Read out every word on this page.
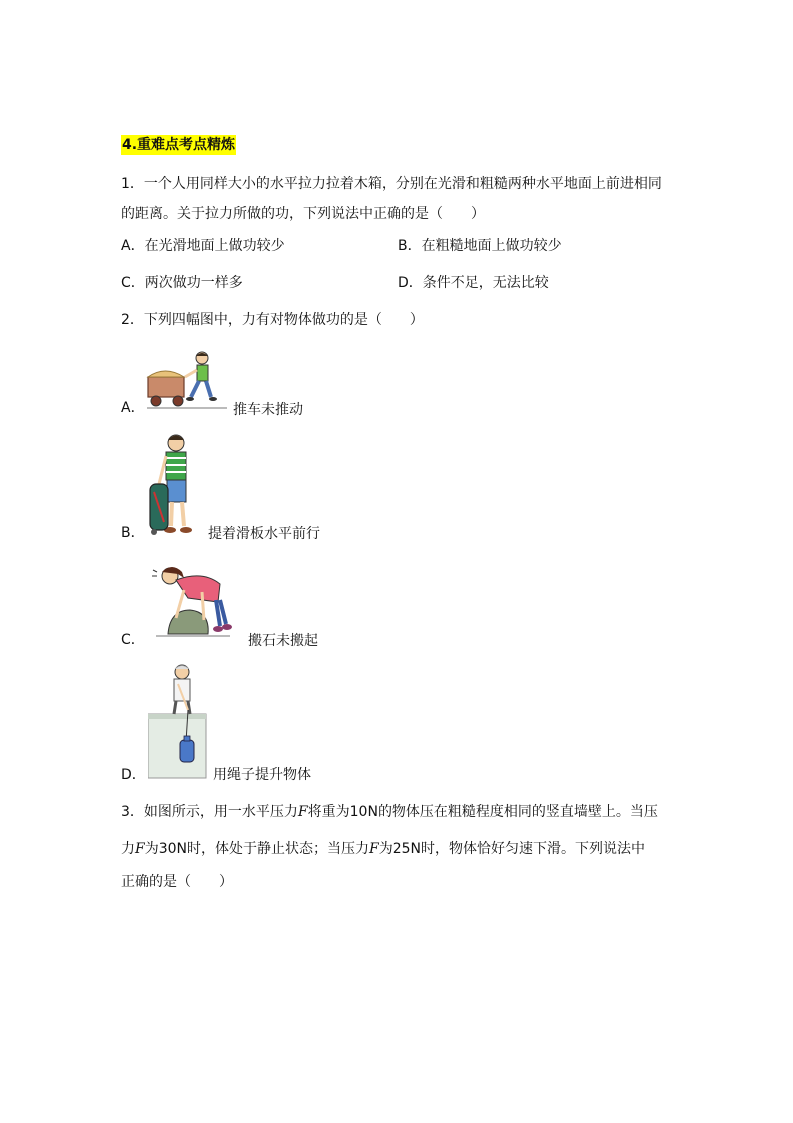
4.重难点考点精炼
1．一个人用同样大小的水平拉力拉着木箱，分别在光滑和粗糙两种水平地面上前进相同
的距离。关于拉力所做的功，下列说法中正确的是（　　）
A．在光滑地面上做功较少	B．在粗糙地面上做功较少
C．两次做功一样多	D．条件不足，无法比较
2．下列四幅图中，力有对物体做功的是（　　）
A．	推车未推动
B．	提着滑板水平前行
C．	搬石未搬起
D．	用绳子提升物体
3．如图所示，用一水平压力F将重为10N的物体压在粗糙程度相同的竖直墙壁上。当压
力F为30N时，体处于静止状态；当压力F为25N时，物体恰好匀速下滑。下列说法中
正确的是（　　）
